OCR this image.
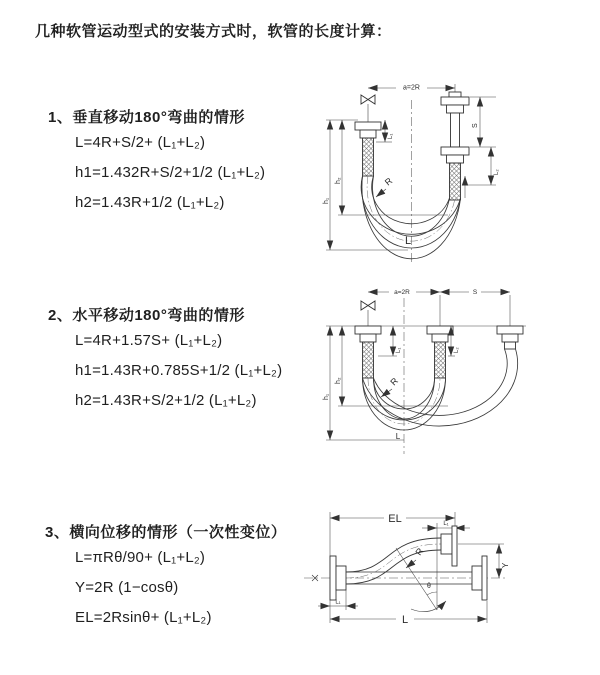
几种软管运动型式的安装方式时，软管的长度计算：
1、垂直移动180°弯曲的情形
L=4R+S/2+ (L₁+L₂)
h1=1.432R+S/2+1/2 (L₁+L₂)
h2=1.43R+1/2 (L₁+L₂)
2、水平移动180°弯曲的情形
L=4R+1.57S+ (L₁+L₂)
h1=1.43R+0.785S+1/2 (L₁+L₂)
h2=1.43R+S/2+1/2 (L₁+L₂)
3、横向位移的情形（一次性变位）
L=πRθ/90+ (L₁+L₂)
Y=2R (1−cosθ)
EL=2Rsinθ+ (L₁+L₂)
a=2R
h₁
h₂
L₁
S
L₂
R
L
a=2R	S
L₁	L₂
h₁
h₂	R
L
EL	L₁
Y
θ
R
L₁
L
